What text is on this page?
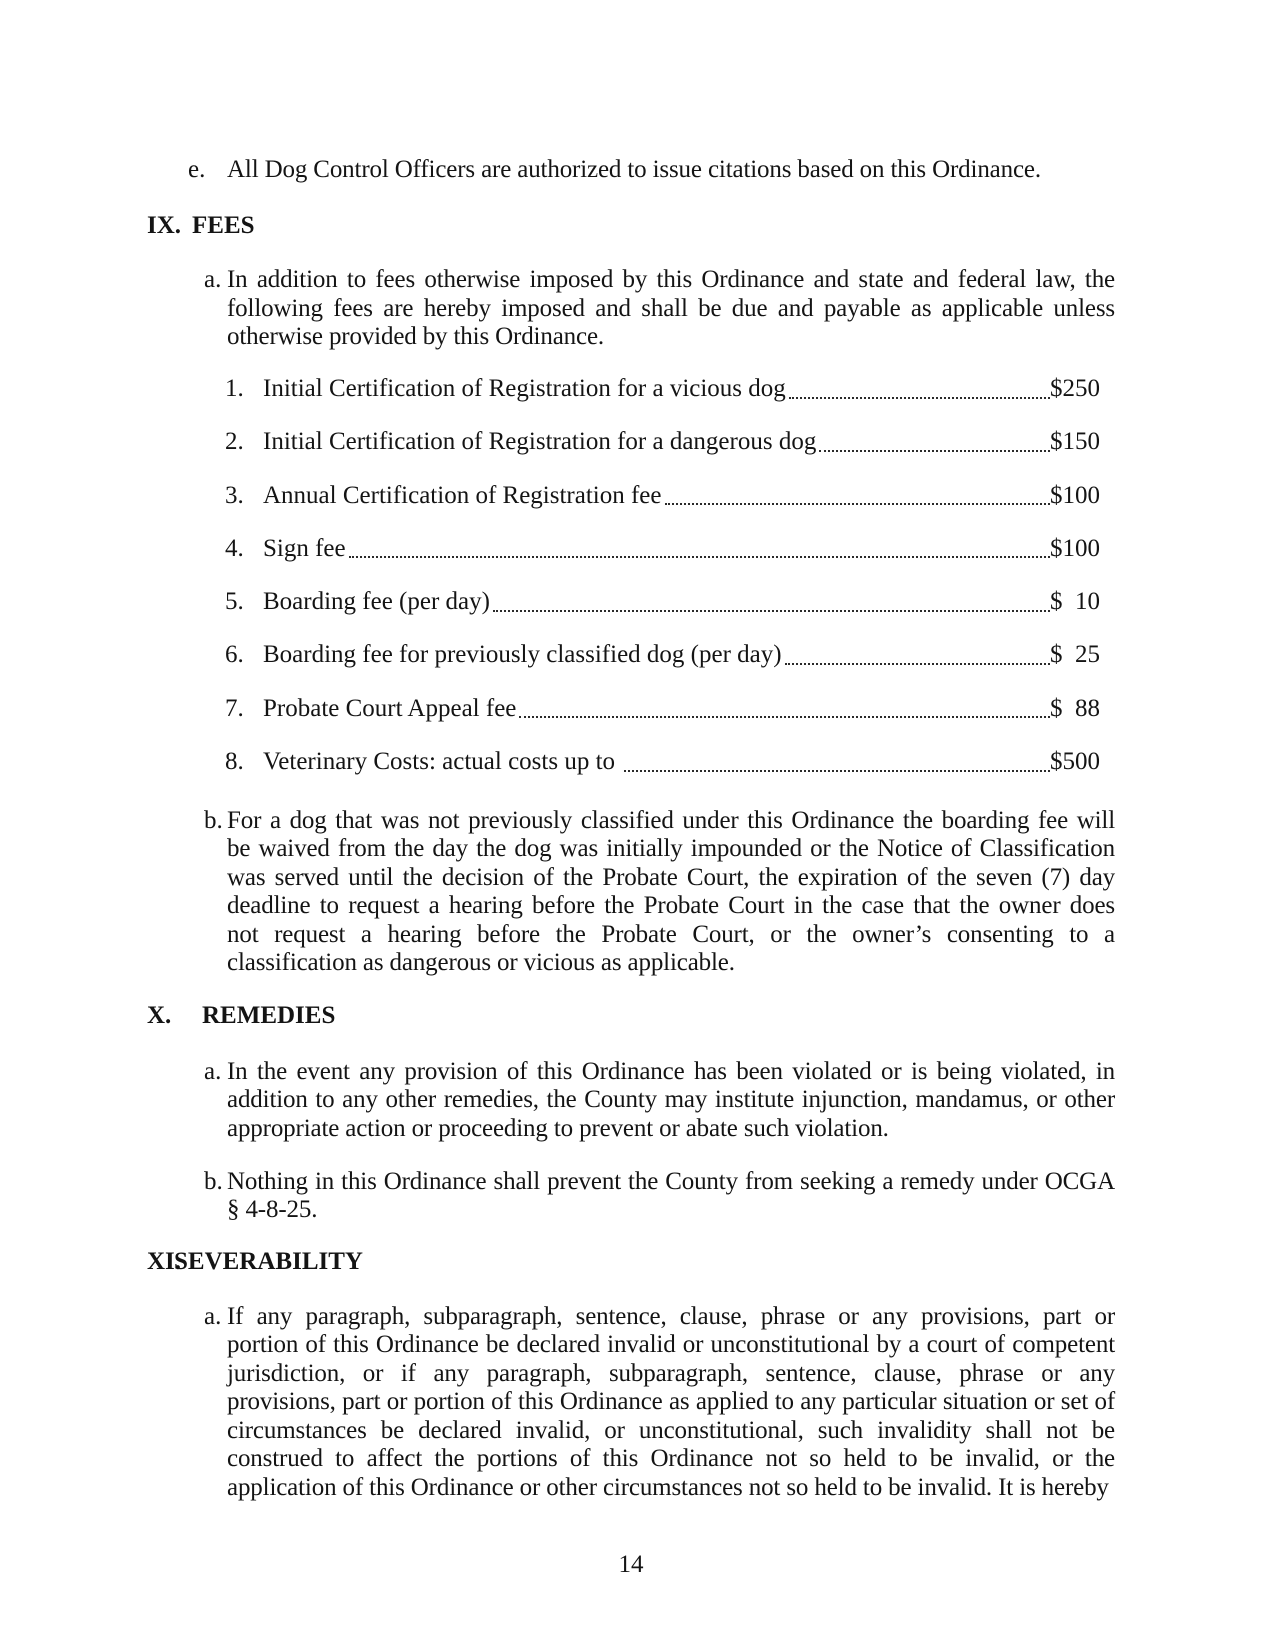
e. All Dog Control Officers are authorized to issue citations based on this Ordinance.
IX. FEES
a. In addition to fees otherwise imposed by this Ordinance and state and federal law, the
following fees are hereby imposed and shall be due and payable as applicable unless
otherwise provided by this Ordinance.
1. Initial Certification of Registration for a vicious dog	$250
2. Initial Certification of Registration for a dangerous dog	$150
3. Annual Certification of Registration fee	$100
4. Sign fee	$100
5. Boarding fee (per day)	$  10
6. Boarding fee for previously classified dog (per day)	$  25
7. Probate Court Appeal fee	$  88
8. Veterinary Costs: actual costs up to	$500
b. For a dog that was not previously classified under this Ordinance the boarding fee will
be waived from the day the dog was initially impounded or the Notice of Classification
was served until the decision of the Probate Court, the expiration of the seven (7) day
deadline to request a hearing before the Probate Court in the case that the owner does
not request a hearing before the Probate Court, or the owner’s consenting to a
classification as dangerous or vicious as applicable.
X.	REMEDIES
a. In the event any provision of this Ordinance has been violated or is being violated, in
addition to any other remedies, the County may institute injunction, mandamus, or other
appropriate action or proceeding to prevent or abate such violation.
b. Nothing in this Ordinance shall prevent the County from seeking a remedy under OCGA
§ 4-8-25.
XI.
SEVERABILITY
a. If any paragraph, subparagraph, sentence, clause, phrase or any provisions, part or
portion of this Ordinance be declared invalid or unconstitutional by a court of competent
jurisdiction, or if any paragraph, subparagraph, sentence, clause, phrase or any
provisions, part or portion of this Ordinance as applied to any particular situation or set of
circumstances be declared invalid, or unconstitutional, such invalidity shall not be
construed to affect the portions of this Ordinance not so held to be invalid, or the
application of this Ordinance or other circumstances not so held to be invalid. It is hereby
14
